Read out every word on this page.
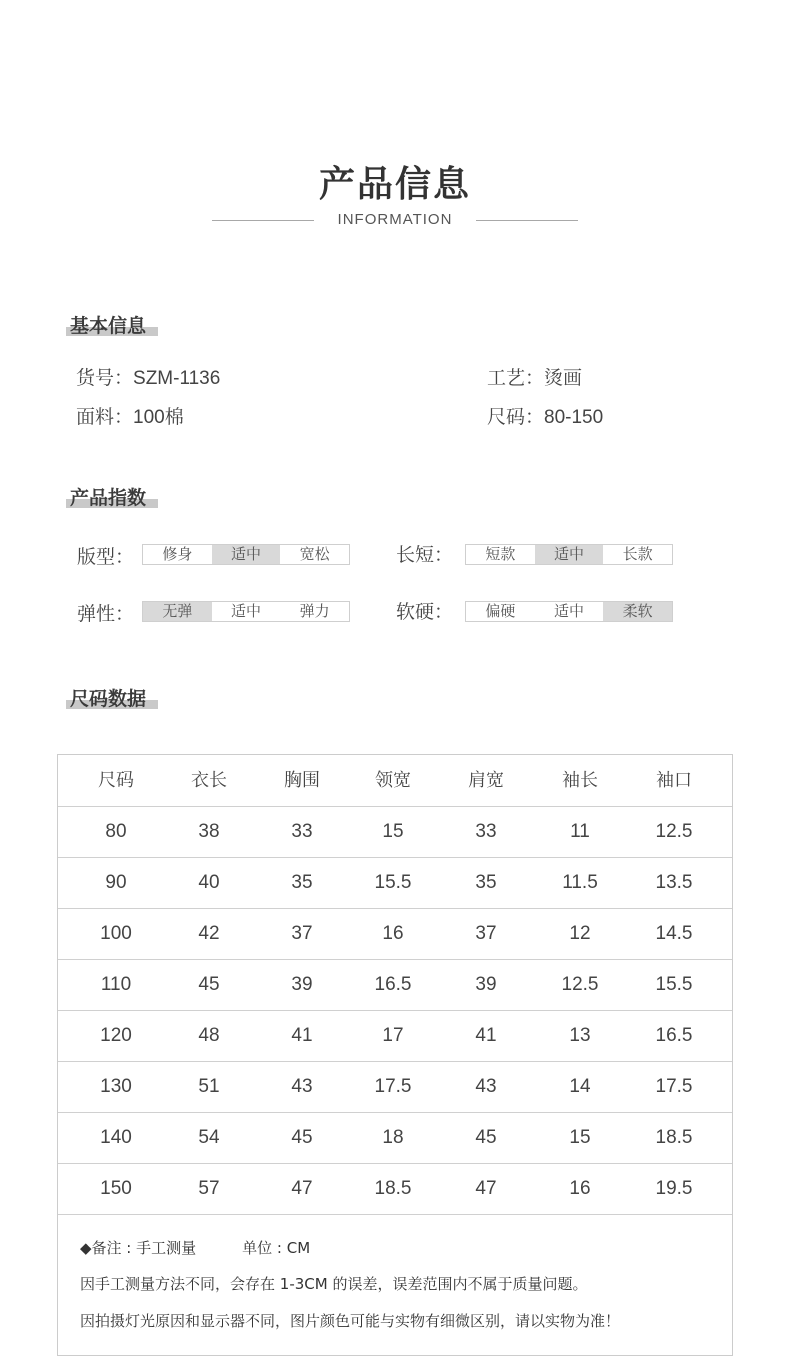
产品信息
INFORMATION
基本信息
货号：SZM-1136	工艺：烫画
面料：100棉	尺码：80-150
产品指数
版型：	修身	适中	宽松	长短：	短款	适中	长款
弹性：	无弹	适中	弹力	软硬：	偏硬	适中	柔软
尺码数据
尺码	衣长	胸围	领宽	肩宽	袖长	袖口
80	38	33	15	33	11	12.5
90	40	35	15.5	35	11.5	13.5
100	42	37	16	37	12	14.5
110	45	39	16.5	39	12.5	15.5
120	48	41	17	41	13	16.5
130	51	43	17.5	43	14	17.5
140	54	45	18	45	15	18.5
150	57	47	18.5	47	16	19.5
◆备注 : 手工测量	单位 : CM
因手工测量方法不同，会存在 1-3CM 的误差，误差范围内不属于质量问题。
因拍摄灯光原因和显示器不同，图片颜色可能与实物有细微区别，请以实物为准！
